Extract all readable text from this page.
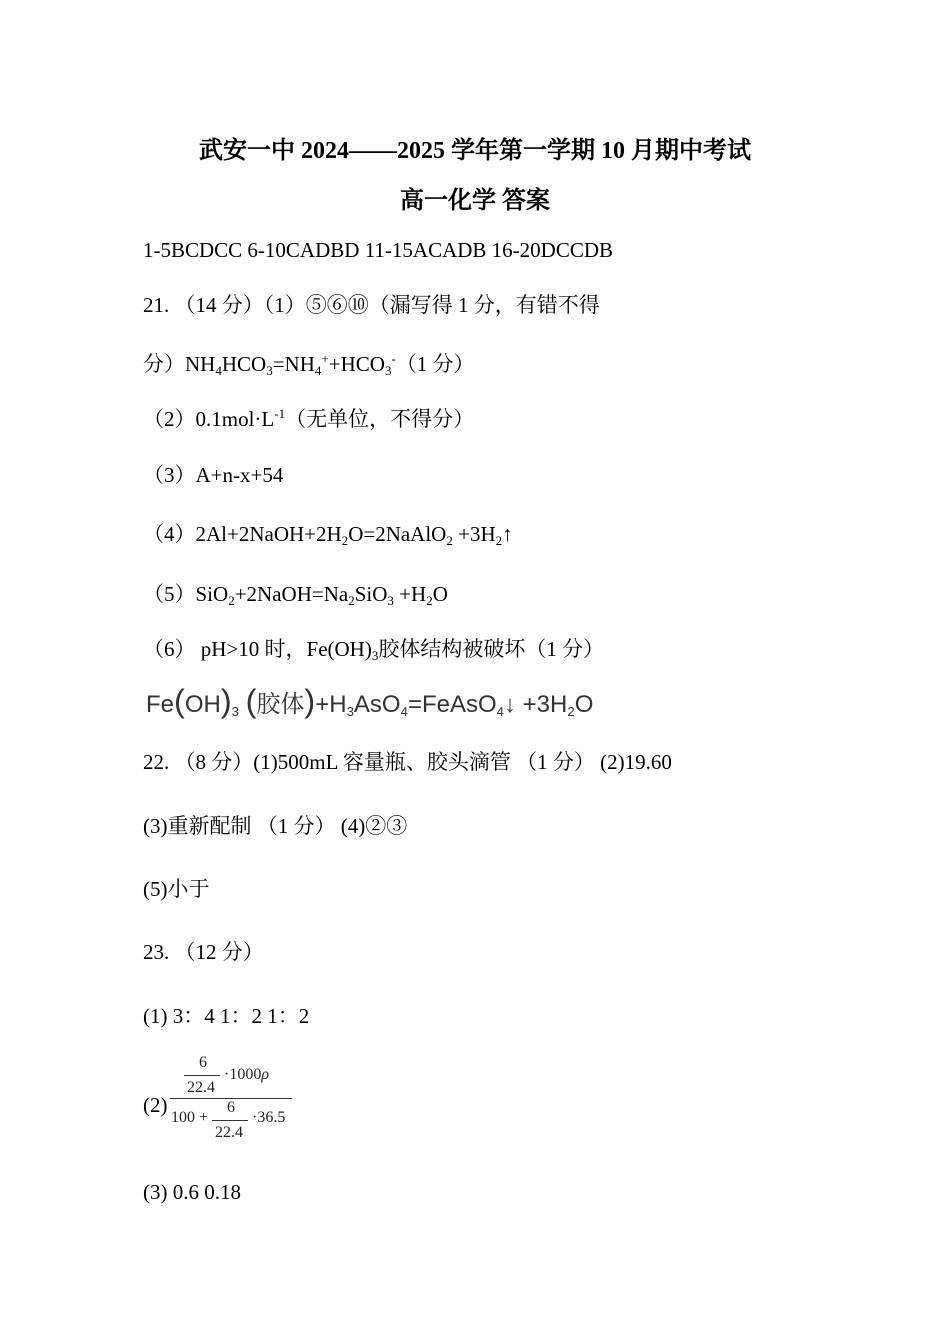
武安一中 2024——2025 学年第一学期 10 月期中考试
高一化学 答案
1-5BCDCC 6-10CADBD 11-15ACADB 16-20DCCDB
21. （14 分）（1）⑤⑥⑩（漏写得 1 分，有错不得
分）$NH_4HCO_3=NH_4^++HCO_3^-(1$ 分）
$(2)0.1mol\cdot L^{-1}$（无单位，不得分）
（3）A+n-x+54
$(4)2Al+2NaOH+2H_2O=2NaAlO_2$ $+3H_2↑$
$(5)SiO_2+2NaOH=Na_2SiO_3 +H_2O$
（6） pH>10 时，$Fe(OH)_3$胶体结构被破坏（1 分）
$Fe(OH)_3$ (胶体)$+H_3AsO_4=FeAsO_4↓ +3H_2O$
22. （8 分）(1)500mL 容量瓶、胶头滴管 （1 分） (2)19.60
(3)重新配制 （1 分） (4)②③
(5)小于
23. （12 分）
(1) 3：4 1：2 1：2
(2)
6
22.4
·1000ρ
100 +
6
22.4
·36.5
(3) 0.6 0.18
